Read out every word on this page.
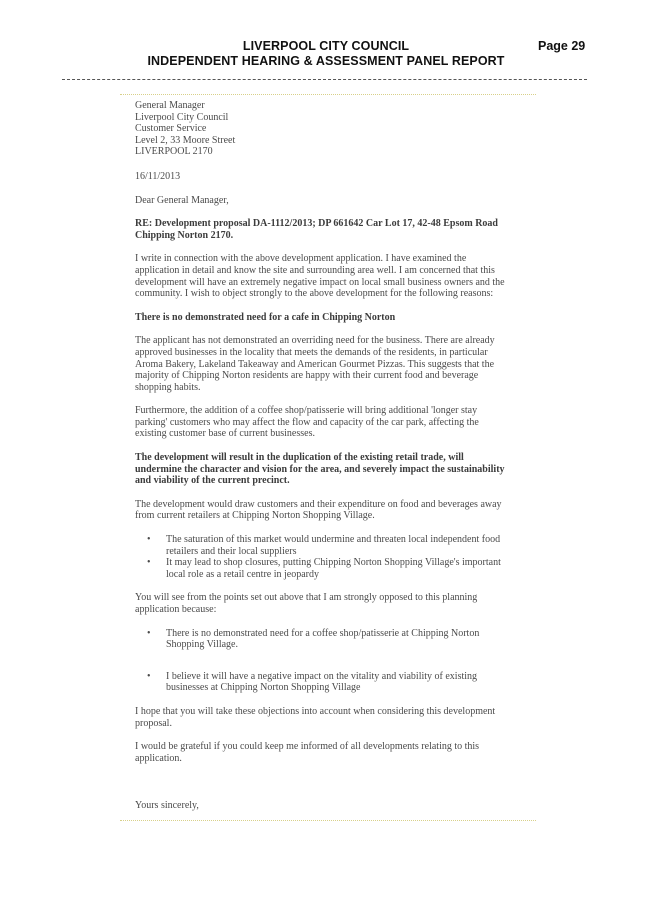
LIVERPOOL CITY COUNCIL
INDEPENDENT HEARING & ASSESSMENT PANEL REPORT
Page 29

General Manager

Liverpool City Council

Customer Service

Level 2, 33 Moore Street

LIVERPOOL 2170

16/11/2013

Dear General Manager,

RE: Development proposal DA-1112/2013; DP 661642 Car Lot 17, 42-48 Epsom Road Chipping Norton 2170.

I write in connection with the above development application. I have examined the application in detail and know the site and surrounding area well. I am concerned that this development will have an extremely negative impact on local small business owners and the community. I wish to object strongly to the above development for the following reasons:

There is no demonstrated need for a cafe in Chipping Norton

The applicant has not demonstrated an overriding need for the business. There are already approved businesses in the locality that meets the demands of the residents, in particular Aroma Bakery, Lakeland Takeaway and American Gourmet Pizzas. This suggests that the majority of Chipping Norton residents are happy with their current food and beverage shopping habits.

Furthermore, the addition of a coffee shop/patisserie will bring additional 'longer stay parking' customers who may affect the flow and capacity of the car park, affecting the existing customer base of current businesses.

The development will result in the duplication of the existing retail trade, will undermine the character and vision for the area, and severely impact the sustainability and viability of the current precinct.

The development would draw customers and their expenditure on food and beverages away from current retailers at Chipping Norton Shopping Village.

• The saturation of this market would undermine and threaten local independent food retailers and their local suppliers
• It may lead to shop closures, putting Chipping Norton Shopping Village's important local role as a retail centre in jeopardy

You will see from the points set out above that I am strongly opposed to this planning application because:

• There is no demonstrated need for a coffee shop/patisserie at Chipping Norton Shopping Village.
• I believe it will have a negative impact on the vitality and viability of existing businesses at Chipping Norton Shopping Village

I hope that you will take these objections into account when considering this development proposal.

I would be grateful if you could keep me informed of all developments relating to this application.

Yours sincerely,
